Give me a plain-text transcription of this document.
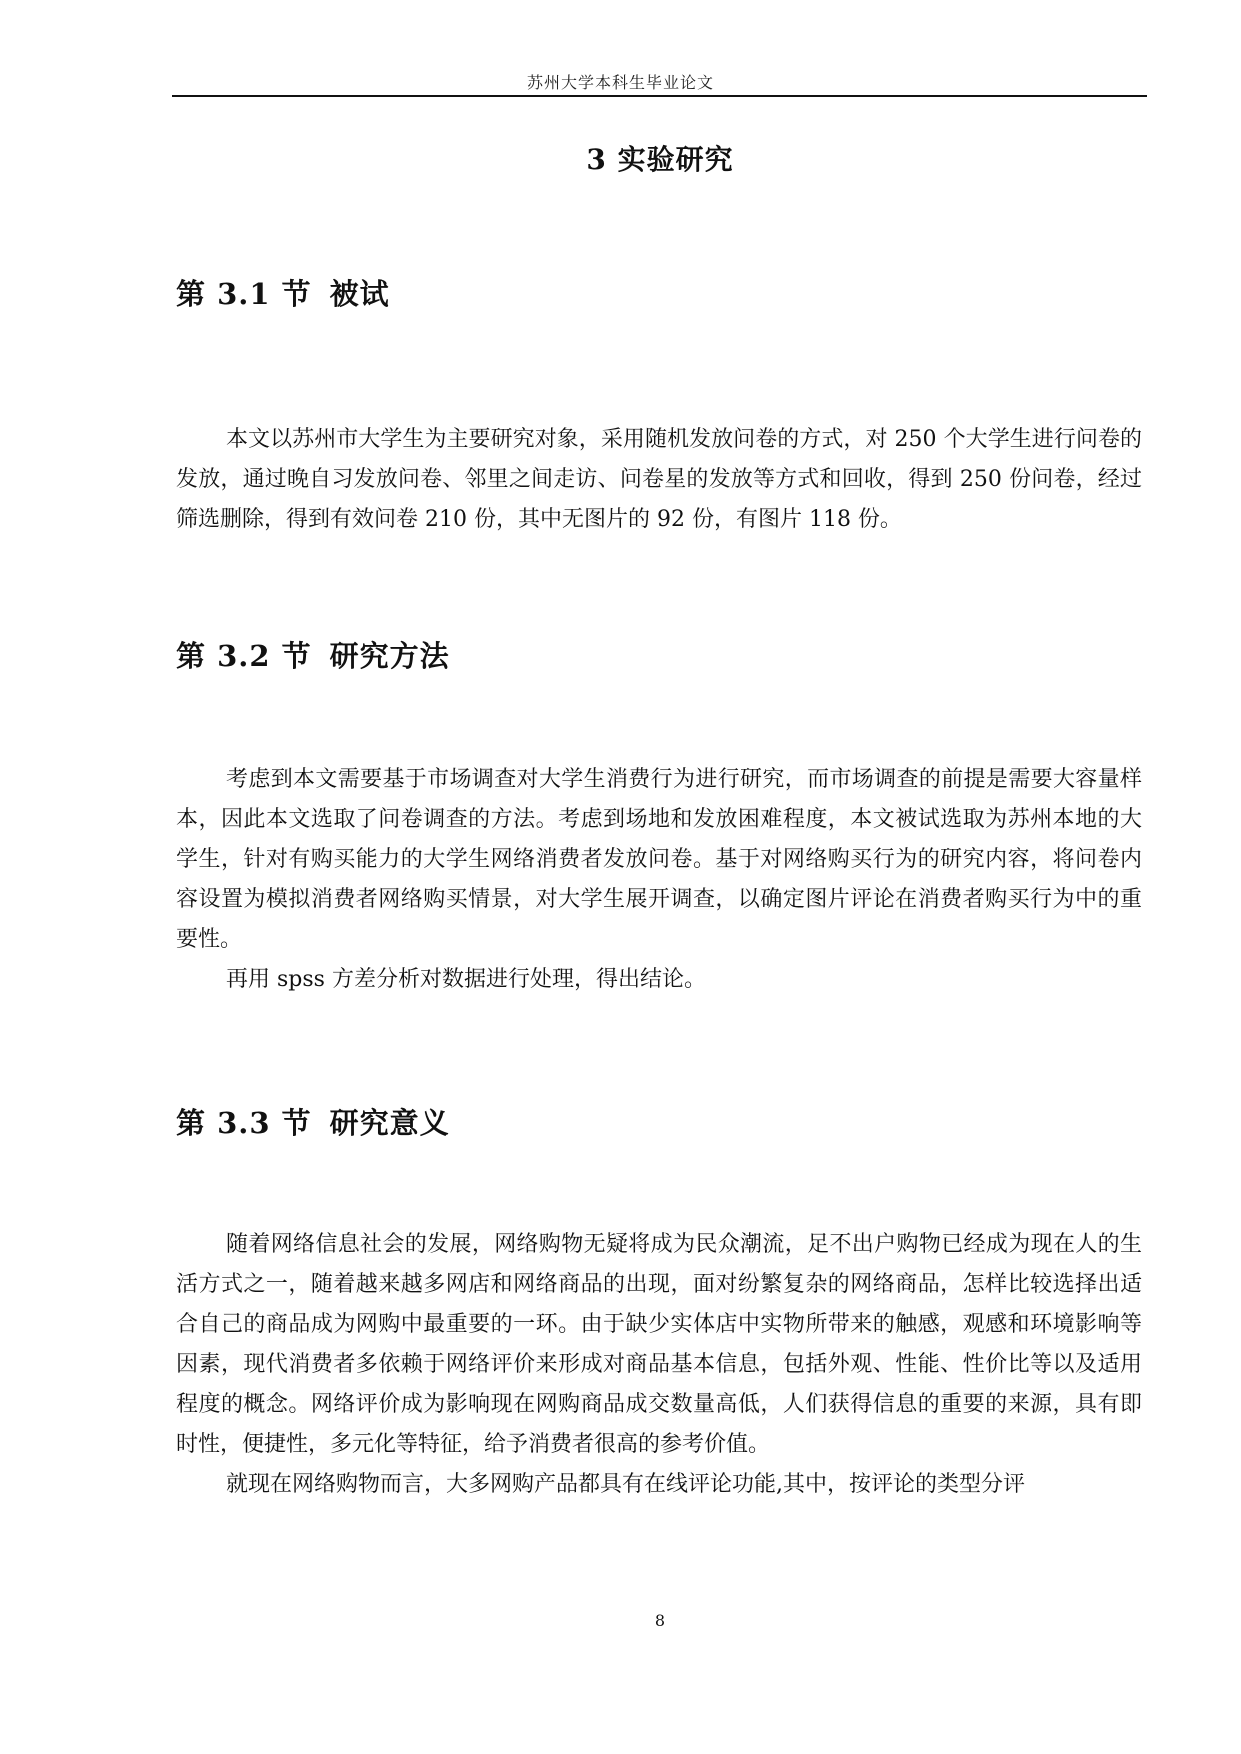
苏州大学本科生毕业论文
3 实验研究
第 3.1 节 被试

本文以苏州市大学生为主要研究对象，采用随机发放问卷的方式，对 250 个大学生进行问卷的发放，通过晚自习发放问卷、邻里之间走访、问卷星的发放等方式和回收，得到 250 份问卷，经过筛选删除，得到有效问卷 210 份，其中无图片的 92 份，有图片 118 份。

第 3.2 节 研究方法

考虑到本文需要基于市场调查对大学生消费行为进行研究，而市场调查的前提是需要大容量样本，因此本文选取了问卷调查的方法。考虑到场地和发放困难程度，本文被试选取为苏州本地的大学生，针对有购买能力的大学生网络消费者发放问卷。基于对网络购买行为的研究内容，将问卷内容设置为模拟消费者网络购买情景，对大学生展开调查，以确定图片评论在消费者购买行为中的重要性。

再用 spss 方差分析对数据进行处理，得出结论。

第 3.3 节 研究意义

随着网络信息社会的发展，网络购物无疑将成为民众潮流，足不出户购物已经成为现在人的生活方式之一，随着越来越多网店和网络商品的出现，面对纷繁复杂的网络商品，怎样比较选择出适合自己的商品成为网购中最重要的一环。由于缺少实体店中实物所带来的触感，观感和环境影响等因素，现代消费者多依赖于网络评价来形成对商品基本信息，包括外观、性能、性价比等以及适用程度的概念。网络评价成为影响现在网购商品成交数量高低，人们获得信息的重要的来源，具有即时性，便捷性，多元化等特征，给予消费者很高的参考价值。

就现在网络购物而言，大多网购产品都具有在线评论功能,其中，按评论的类型分评

8
